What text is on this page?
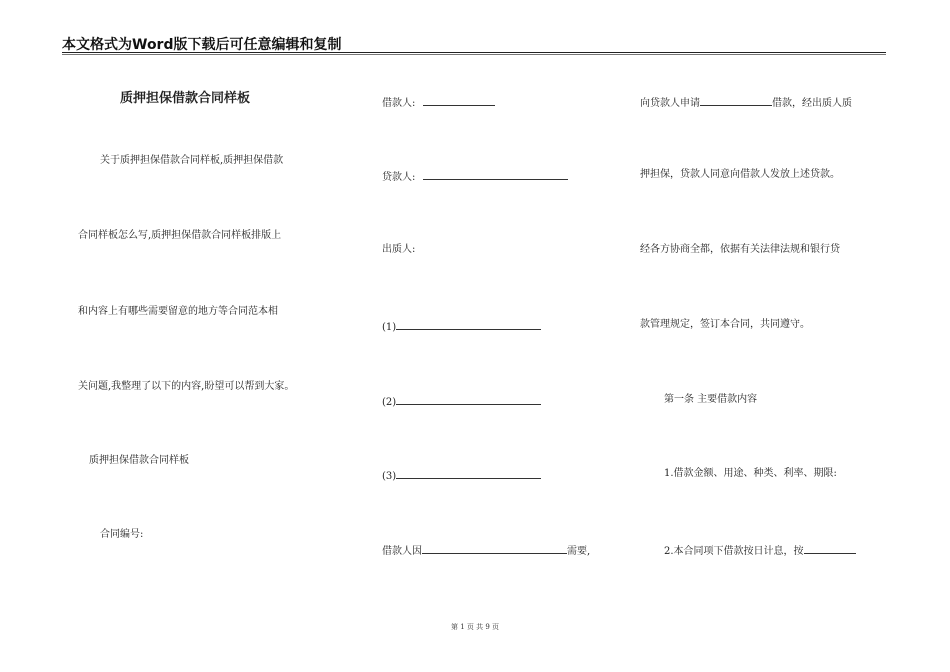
本文格式为Word版下载后可任意编辑和复制
质押担保借款合同样板
关于质押担保借款合同样板,质押担保借款
合同样板怎么写,质押担保借款合同样板排版上
和内容上有哪些需要留意的地方等合同范本相
关问题,我整理了以下的内容,盼望可以帮到大家。
质押担保借款合同样板
合同编号:
借款人:
贷款人:
出质人:
(1)
(2)
(3)
借款人因	需要,
向贷款人申请	借款，经出质人质
押担保，贷款人同意向借款人发放上述贷款。
经各方协商全都，依据有关法律法规和银行贷
款管理规定，签订本合同，共同遵守。
第一条 主要借款内容
1.借款金额、用途、种类、利率、期限:
2.本合同项下借款按日计息，按
第 1 页 共 9 页
